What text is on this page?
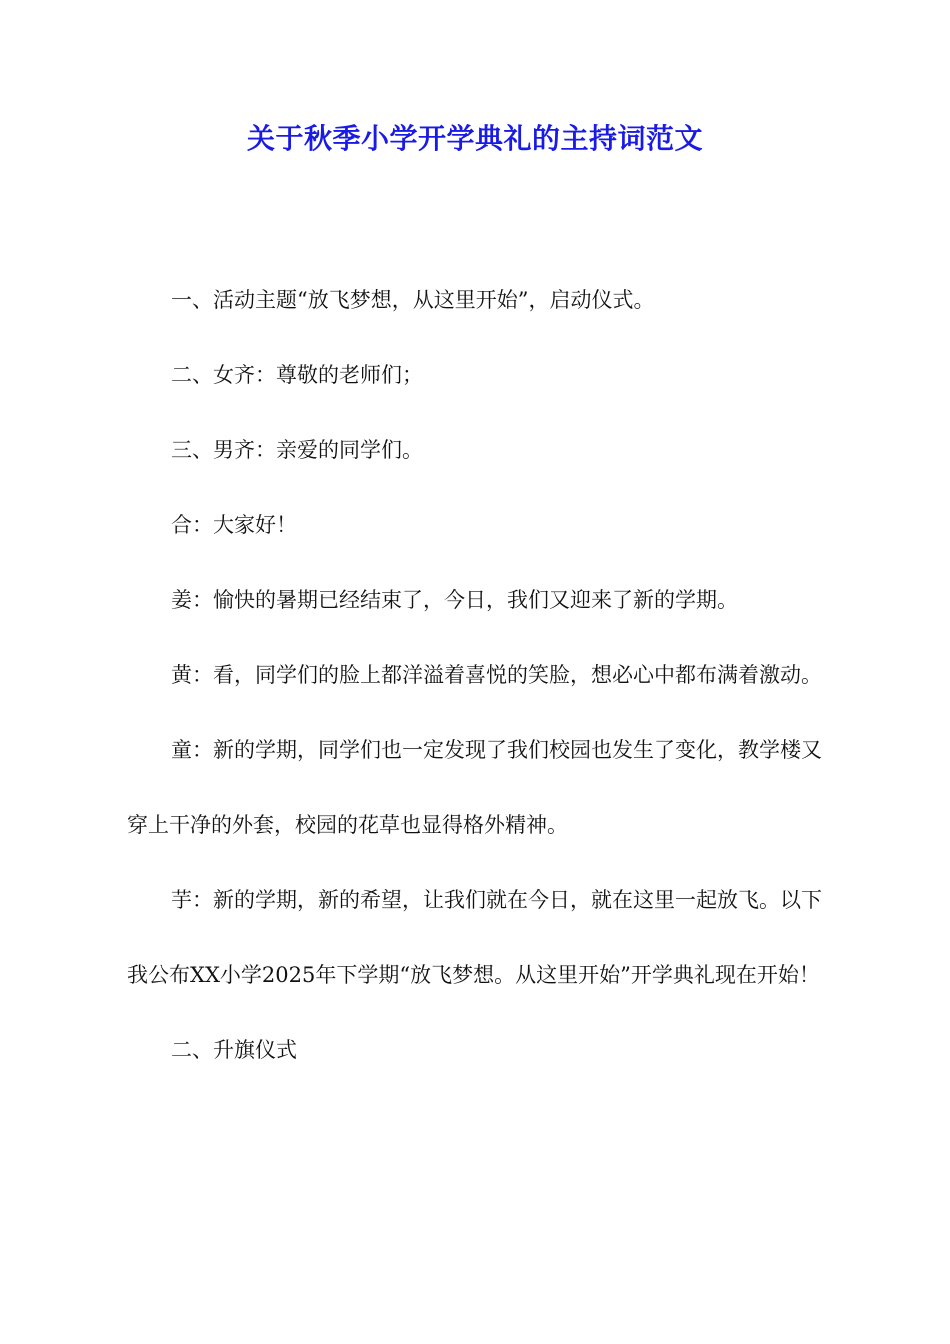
关于秋季小学开学典礼的主持词范文

一、活动主题“放飞梦想，从这里开始”，启动仪式。

二、女齐：尊敬的老师们；

三、男齐：亲爱的同学们。

合：大家好！

姜：愉快的暑期已经结束了，今日，我们又迎来了新的学期。

黄：看，同学们的脸上都洋溢着喜悦的笑脸，想必心中都布满着激动。

童：新的学期，同学们也一定发现了我们校园也发生了变化，教学楼又穿上干净的外套，校园的花草也显得格外精神。

芋：新的学期，新的希望，让我们就在今日，就在这里一起放飞。以下我公布XX小学2025年下学期“放飞梦想。从这里开始”开学典礼现在开始！

二、升旗仪式
